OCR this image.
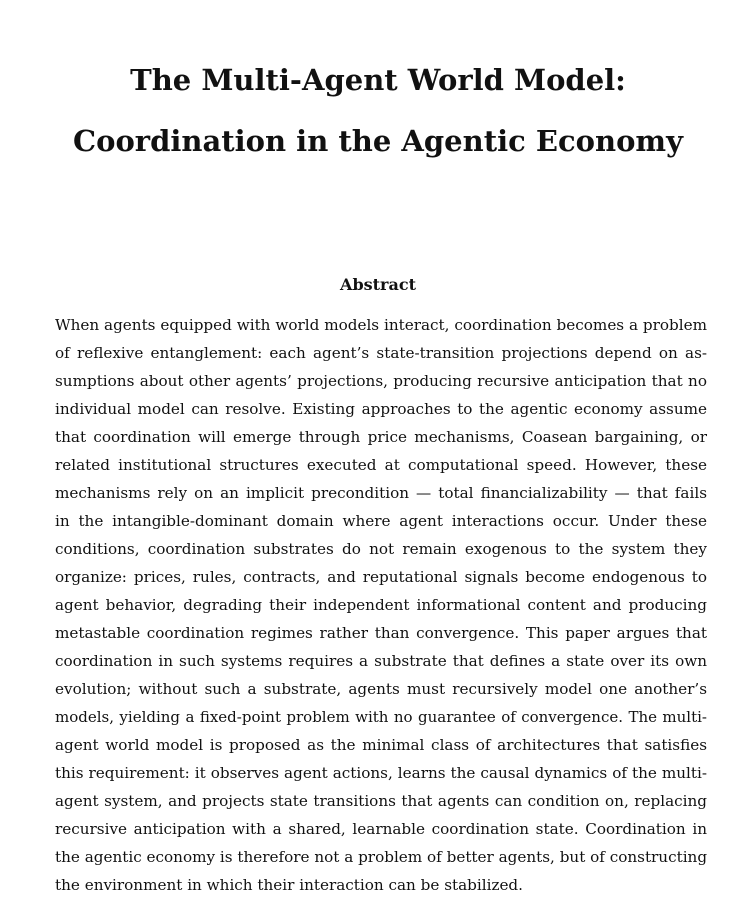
The Multi-Agent World Model:
Coordination in the Agentic Economy
Abstract
When agents equipped with world models interact, coordination becomes a problem
of reflexive entanglement: each agent’s state-transition projections depend on as-
sumptions about other agents’ projections, producing recursive anticipation that no
individual model can resolve. Existing approaches to the agentic economy assume
that coordination will emerge through price mechanisms, Coasean bargaining, or
related institutional structures executed at computational speed. However, these
mechanisms rely on an implicit precondition — total financializability — that fails
in the intangible-dominant domain where agent interactions occur. Under these
conditions, coordination substrates do not remain exogenous to the system they
organize: prices, rules, contracts, and reputational signals become endogenous to
agent behavior, degrading their independent informational content and producing
metastable coordination regimes rather than convergence. This paper argues that
coordination in such systems requires a substrate that defines a state over its own
evolution; without such a substrate, agents must recursively model one another’s
models, yielding a fixed-point problem with no guarantee of convergence. The multi-
agent world model is proposed as the minimal class of architectures that satisfies
this requirement: it observes agent actions, learns the causal dynamics of the multi-
agent system, and projects state transitions that agents can condition on, replacing
recursive anticipation with a shared, learnable coordination state. Coordination in
the agentic economy is therefore not a problem of better agents, but of constructing
the environment in which their interaction can be stabilized.
